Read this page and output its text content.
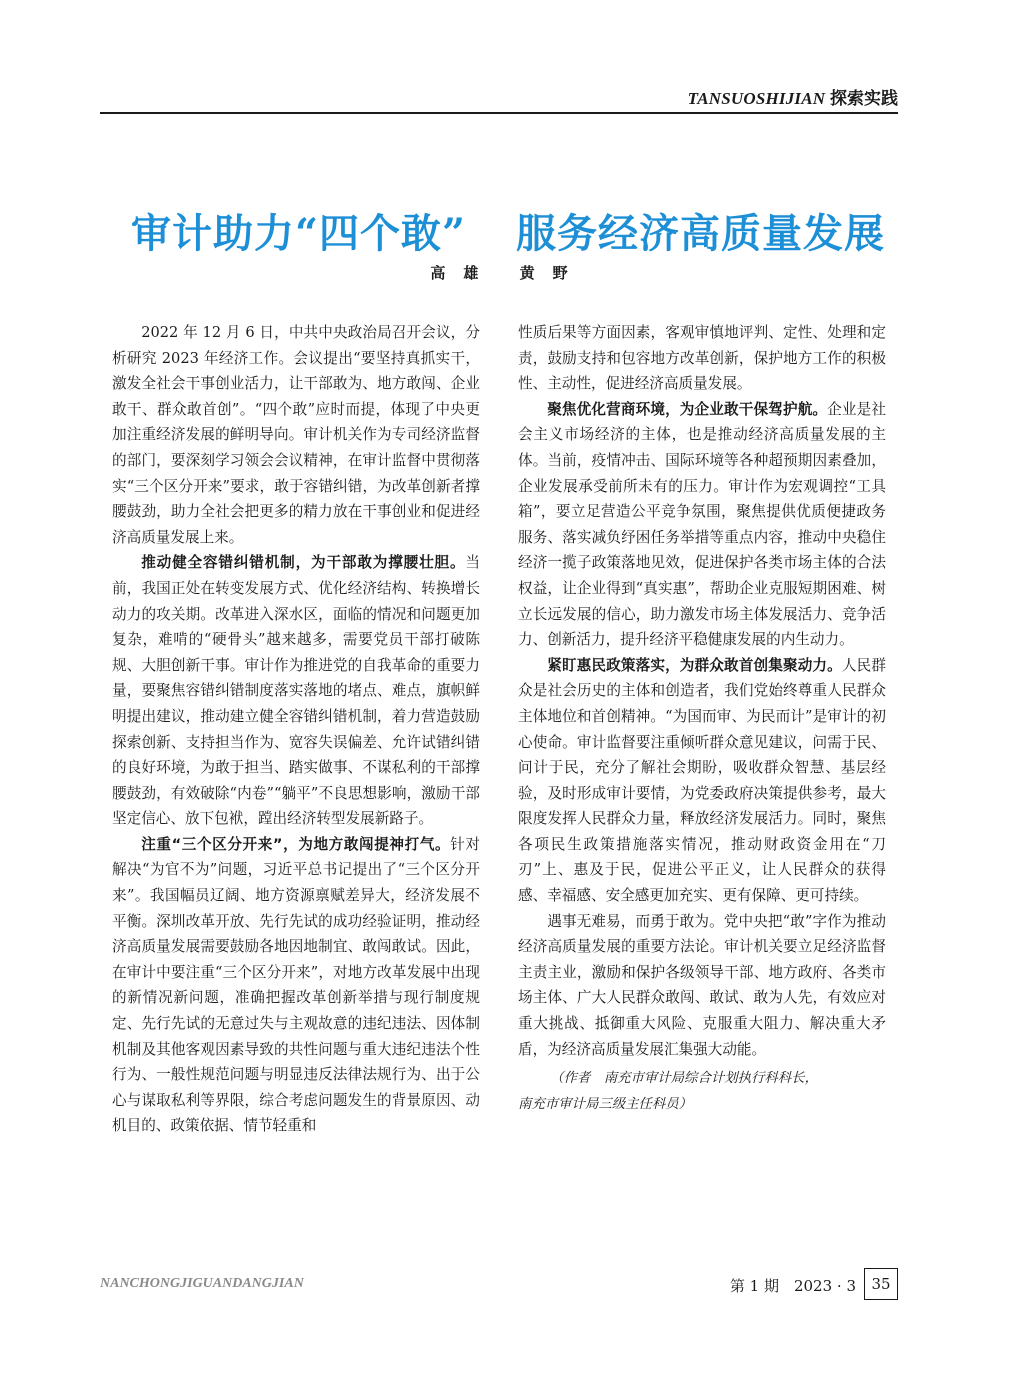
TANSUOSHIJIAN 探索实践
审计助力“四个敢” 服务经济高质量发展
高雄 黄野

2022 年 12 月 6 日，中共中央政治局召开会议，分析研究 2023 年经济工作。会议提出“要坚持真抓实干，激发全社会干事创业活力，让干部敢为、地方敢闯、企业敢干、群众敢首创”。“四个敢”应时而提，体现了中央更加注重经济发展的鲜明导向。审计机关作为专司经济监督的部门，要深刻学习领会会议精神，在审计监督中贯彻落实“三个区分开来”要求，敢于容错纠错，为改革创新者撑腰鼓劲，助力全社会把更多的精力放在干事创业和促进经济高质量发展上来。

推动健全容错纠错机制，为干部敢为撑腰壮胆。当前，我国正处在转变发展方式、优化经济结构、转换增长动力的攻关期。改革进入深水区，面临的情况和问题更加复杂，难啃的“硬骨头”越来越多，需要党员干部打破陈规、大胆创新干事。审计作为推进党的自我革命的重要力量，要聚焦容错纠错制度落实落地的堵点、难点，旗帜鲜明提出建议，推动建立健全容错纠错机制，着力营造鼓励探索创新、支持担当作为、宽容失误偏差、允许试错纠错的良好环境，为敢于担当、踏实做事、不谋私利的干部撑腰鼓劲，有效破除“内卷”“躺平”不良思想影响，激励干部坚定信心、放下包袱，蹚出经济转型发展新路子。

注重“三个区分开来”，为地方敢闯提神打气。针对解决“为官不为”问题，习近平总书记提出了“三个区分开来”。我国幅员辽阔、地方资源禀赋差异大，经济发展不平衡。深圳改革开放、先行先试的成功经验证明，推动经济高质量发展需要鼓励各地因地制宜、敢闯敢试。因此，在审计中要注重“三个区分开来”，对地方改革发展中出现的新情况新问题，准确把握改革创新举措与现行制度规定、先行先试的无意过失与主观故意的违纪违法、因体制机制及其他客观因素导致的共性问题与重大违纪违法个性行为、一般性规范问题与明显违反法律法规行为、出于公心与谋取私利等界限，综合考虑问题发生的背景原因、动机目的、政策依据、情节轻重和

性质后果等方面因素，客观审慎地评判、定性、处理和定责，鼓励支持和包容地方改革创新，保护地方工作的积极性、主动性，促进经济高质量发展。

聚焦优化营商环境，为企业敢干保驾护航。企业是社会主义市场经济的主体，也是推动经济高质量发展的主体。当前，疫情冲击、国际环境等各种超预期因素叠加，企业发展承受前所未有的压力。审计作为宏观调控“工具箱”，要立足营造公平竞争氛围，聚焦提供优质便捷政务服务、落实减负纾困任务举措等重点内容，推动中央稳住经济一揽子政策落地见效，促进保护各类市场主体的合法权益，让企业得到“真实惠”，帮助企业克服短期困难、树立长远发展的信心，助力激发市场主体发展活力、竞争活力、创新活力，提升经济平稳健康发展的内生动力。

紧盯惠民政策落实，为群众敢首创集聚动力。人民群众是社会历史的主体和创造者，我们党始终尊重人民群众主体地位和首创精神。“为国而审、为民而计”是审计的初心使命。审计监督要注重倾听群众意见建议，问需于民、问计于民，充分了解社会期盼，吸收群众智慧、基层经验，及时形成审计要情，为党委政府决策提供参考，最大限度发挥人民群众力量，释放经济发展活力。同时，聚焦各项民生政策措施落实情况，推动财政资金用在“刀刃”上、惠及于民，促进公平正义，让人民群众的获得感、幸福感、安全感更加充实、更有保障、更可持续。

遇事无难易，而勇于敢为。党中央把“敢”字作为推动经济高质量发展的重要方法论。审计机关要立足经济监督主责主业，激励和保护各级领导干部、地方政府、各类市场主体、广大人民群众敢闯、敢试、敢为人先，有效应对重大挑战、抵御重大风险、克服重大阻力、解决重大矛盾，为经济高质量发展汇集强大动能。

（作者　南充市审计局综合计划执行科科长，

南充市审计局三级主任科员）

NANCHONGJIGUANDANGJIAN	第 1 期　2023 · 3	35
